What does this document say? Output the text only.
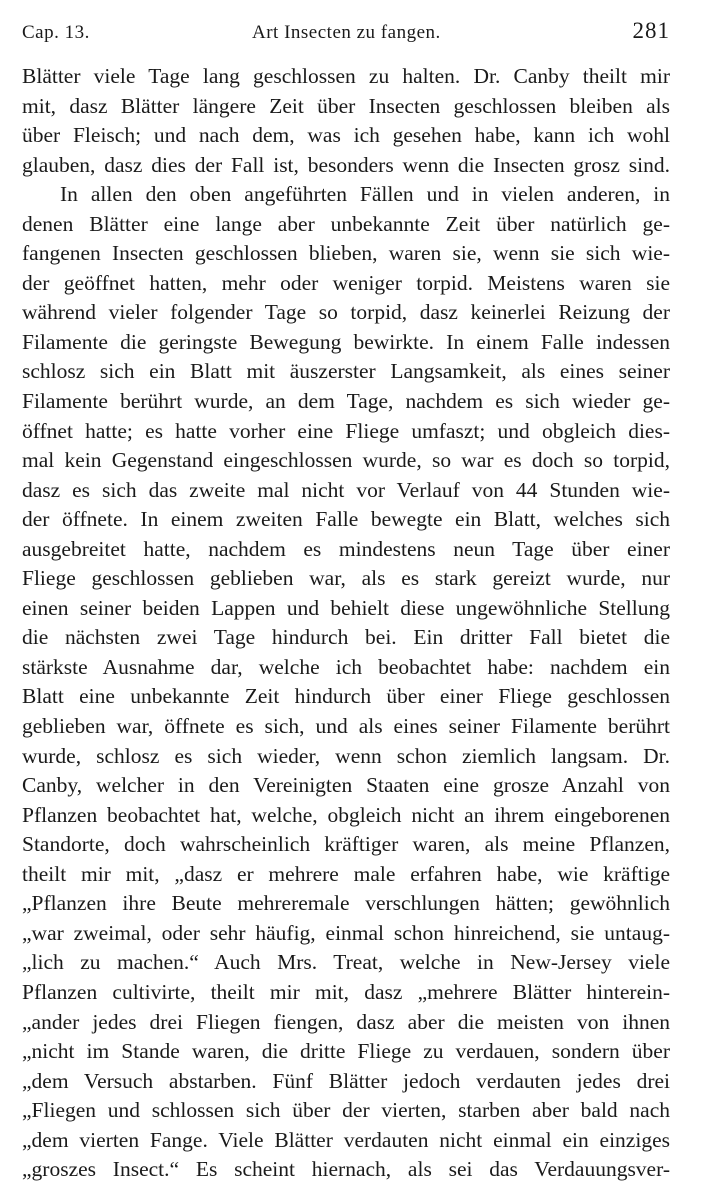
Cap. 13.	Art Insecten zu fangen.	281
Blätter viele Tage lang geschlossen zu halten. Dr. Canby theilt mir
mit, dasz Blätter längere Zeit über Insecten geschlossen bleiben als
über Fleisch; und nach dem, was ich gesehen habe, kann ich wohl
glauben, dasz dies der Fall ist, besonders wenn die Insecten grosz sind.
In allen den oben angeführten Fällen und in vielen anderen, in
denen Blätter eine lange aber unbekannte Zeit über natürlich ge-
fangenen Insecten geschlossen blieben, waren sie, wenn sie sich wie-
der geöffnet hatten, mehr oder weniger torpid. Meistens waren sie
während vieler folgender Tage so torpid, dasz keinerlei Reizung der
Filamente die geringste Bewegung bewirkte. In einem Falle indessen
schlosz sich ein Blatt mit äuszerster Langsamkeit, als eines seiner
Filamente berührt wurde, an dem Tage, nachdem es sich wieder ge-
öffnet hatte; es hatte vorher eine Fliege umfaszt; und obgleich dies-
mal kein Gegenstand eingeschlossen wurde, so war es doch so torpid,
dasz es sich das zweite mal nicht vor Verlauf von 44 Stunden wie-
der öffnete. In einem zweiten Falle bewegte ein Blatt, welches sich
ausgebreitet hatte, nachdem es mindestens neun Tage über einer
Fliege geschlossen geblieben war, als es stark gereizt wurde, nur
einen seiner beiden Lappen und behielt diese ungewöhnliche Stellung
die nächsten zwei Tage hindurch bei. Ein dritter Fall bietet die
stärkste Ausnahme dar, welche ich beobachtet habe: nachdem ein
Blatt eine unbekannte Zeit hindurch über einer Fliege geschlossen
geblieben war, öffnete es sich, und als eines seiner Filamente berührt
wurde, schlosz es sich wieder, wenn schon ziemlich langsam. Dr.
Canby, welcher in den Vereinigten Staaten eine grosze Anzahl von
Pflanzen beobachtet hat, welche, obgleich nicht an ihrem eingeborenen
Standorte, doch wahrscheinlich kräftiger waren, als meine Pflanzen,
theilt mir mit, „dasz er mehrere male erfahren habe, wie kräftige
„Pflanzen ihre Beute mehreremale verschlungen hätten; gewöhnlich
„war zweimal, oder sehr häufig, einmal schon hinreichend, sie untaug-
„lich zu machen.“ Auch Mrs. Treat, welche in New-Jersey viele
Pflanzen cultivirte, theilt mir mit, dasz „mehrere Blätter hinterein-
„ander jedes drei Fliegen fiengen, dasz aber die meisten von ihnen
„nicht im Stande waren, die dritte Fliege zu verdauen, sondern über
„dem Versuch abstarben. Fünf Blätter jedoch verdauten jedes drei
„Fliegen und schlossen sich über der vierten, starben aber bald nach
„dem vierten Fange. Viele Blätter verdauten nicht einmal ein einziges
„groszes Insect.“ Es scheint hiernach, als sei das Verdauungsver-
